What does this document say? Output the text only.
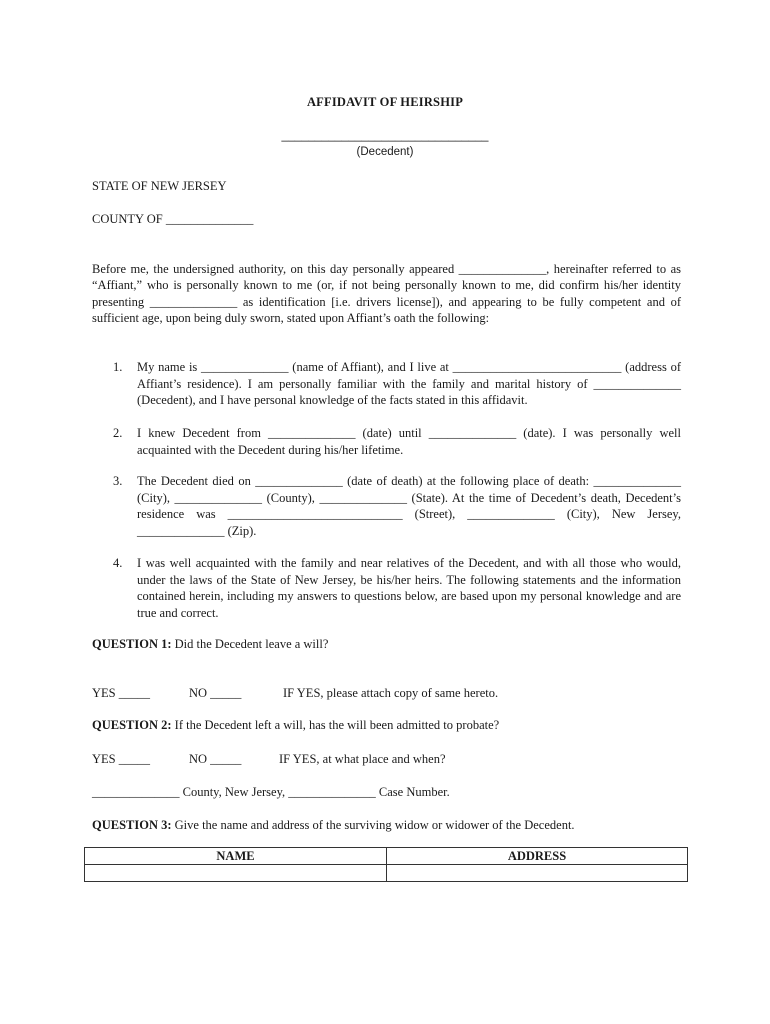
AFFIDAVIT OF HEIRSHIP
_______________________________
(Decedent)
STATE OF NEW JERSEY
COUNTY OF ______________
Before me, the undersigned authority, on this day personally appeared ______________, hereinafter referred to as “Affiant,” who is personally known to me (or, if not being personally known to me, did confirm his/her identity presenting ______________ as identification [i.e. drivers license]), and appearing to be fully competent and of sufficient age, upon being duly sworn, stated upon Affiant’s oath the following:
1. My name is ______________ (name of Affiant), and I live at ___________________________ (address of Affiant’s residence). I am personally familiar with the family and marital history of ______________ (Decedent), and I have personal knowledge of the facts stated in this affidavit.
2. I knew Decedent from ______________ (date) until ______________ (date). I was personally well acquainted with the Decedent during his/her lifetime.
3. The Decedent died on ______________ (date of death) at the following place of death: ______________ (City), ______________ (County), ______________ (State). At the time of Decedent’s death, Decedent’s residence was ____________________________ (Street), ______________ (City), New Jersey, ______________ (Zip).
4. I was well acquainted with the family and near relatives of the Decedent, and with all those who would, under the laws of the State of New Jersey, be his/her heirs. The following statements and the information contained herein, including my answers to questions below, are based upon my personal knowledge and are true and correct.
QUESTION 1: Did the Decedent leave a will?
YES _____	NO _____	IF YES, please attach copy of same hereto.
QUESTION 2: If the Decedent left a will, has the will been admitted to probate?
YES _____	NO _____	IF YES, at what place and when?
______________ County, New Jersey, ______________ Case Number.
QUESTION 3: Give the name and address of the surviving widow or widower of the Decedent.
NAME	ADDRESS
